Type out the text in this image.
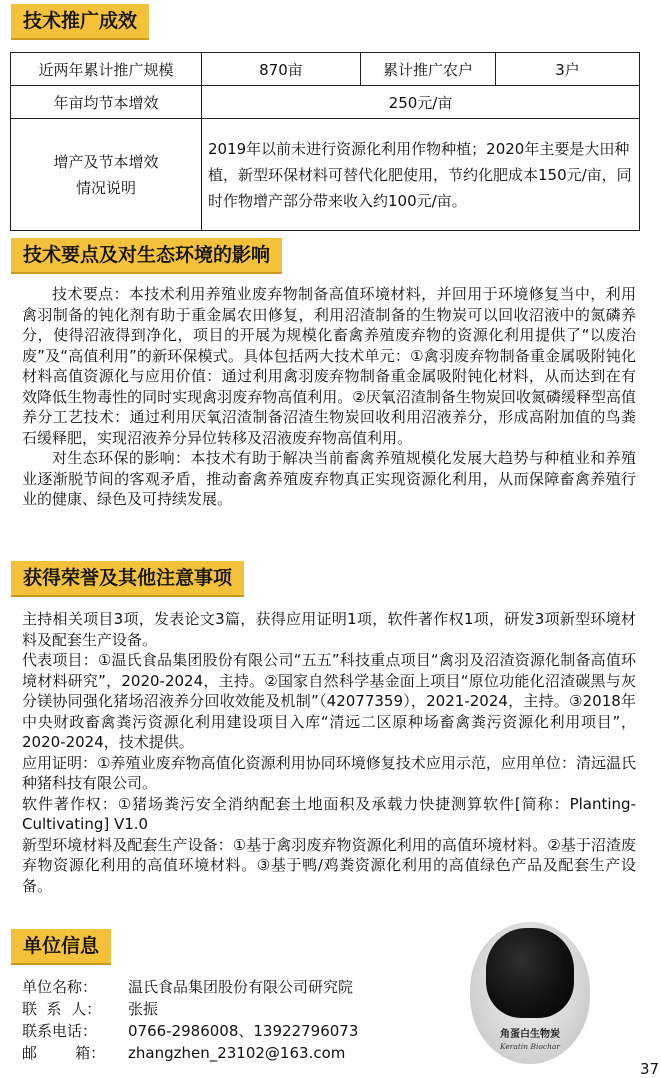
技术推广成效
近两年累计推广规模	870亩	累计推广农户	3户
年亩均节本增效	250元/亩		

增产及节本增效
情况说明	2019年以前未进行资源化利用作物种植；2020年主要是大田种植，新型环保材料可替代化肥使用，节约化肥成本150元/亩，同时作物增产部分带来收入约100元/亩。		
技术要点及对生态环境的影响

技术要点：本技术利用养殖业废弃物制备高值环境材料，并回用于环境修复当中，利用禽羽制备的钝化剂有助于重金属农田修复，利用沼渣制备的生物炭可以回收沼液中的氮磷养分，使得沼液得到净化，项目的开展为规模化畜禽养殖废弃物的资源化利用提供了“以废治废”及“高值利用”的新环保模式。具体包括两大技术单元：①禽羽废弃物制备重金属吸附钝化材料高值资源化与应用价值：通过利用禽羽废弃物制备重金属吸附钝化材料，从而达到在有效降低生物毒性的同时实现禽羽废弃物高值利用。②厌氧沼渣制备生物炭回收氮磷缓释型高值养分工艺技术：通过利用厌氧沼渣制备沼渣生物炭回收利用沼液养分，形成高附加值的鸟粪石缓释肥，实现沼液养分异位转移及沼液废弃物高值利用。

对生态环保的影响：本技术有助于解决当前畜禽养殖规模化发展大趋势与种植业和养殖业逐渐脱节间的客观矛盾，推动畜禽养殖废弃物真正实现资源化利用，从而保障畜禽养殖行业的健康、绿色及可持续发展。

获得荣誉及其他注意事项

主持相关项目3项，发表论文3篇，获得应用证明1项，软件著作权1项，研发3项新型环境材料及配套生产设备。

代表项目：①温氏食品集团股份有限公司“五五”科技重点项目“禽羽及沼渣资源化制备高值环境材料研究”，2020-2024，主持。②国家自然科学基金面上项目“原位功能化沼渣碳黑与灰分镁协同强化猪场沼液养分回收效能及机制”（42077359），2021-2024，主持。③2018年中央财政畜禽粪污资源化利用建设项目入库“清远二区原种场畜禽粪污资源化利用项目”，2020-2024，技术提供。

应用证明：①养殖业废弃物高值化资源利用协同环境修复技术应用示范，应用单位：清远温氏种猪科技有限公司。

软件著作权：①猪场粪污安全消纳配套土地面积及承载力快捷测算软件[简称：Planting-Cultivating] V1.0

新型环境材料及配套生产设备：①基于禽羽废弃物资源化利用的高值环境材料。②基于沼渣废弃物资源化利用的高值环境材料。③基于鸭/鸡粪资源化利用的高值绿色产品及配套生产设备。

单位信息
单位名称：	温氏食品集团股份有限公司研究院
联  系  人：	张振
联系电话：	0766-2986008、13922796073
邮        箱：	zhangzhen_23102@163.com
角蛋白生物炭
Keratin Biochar
37
